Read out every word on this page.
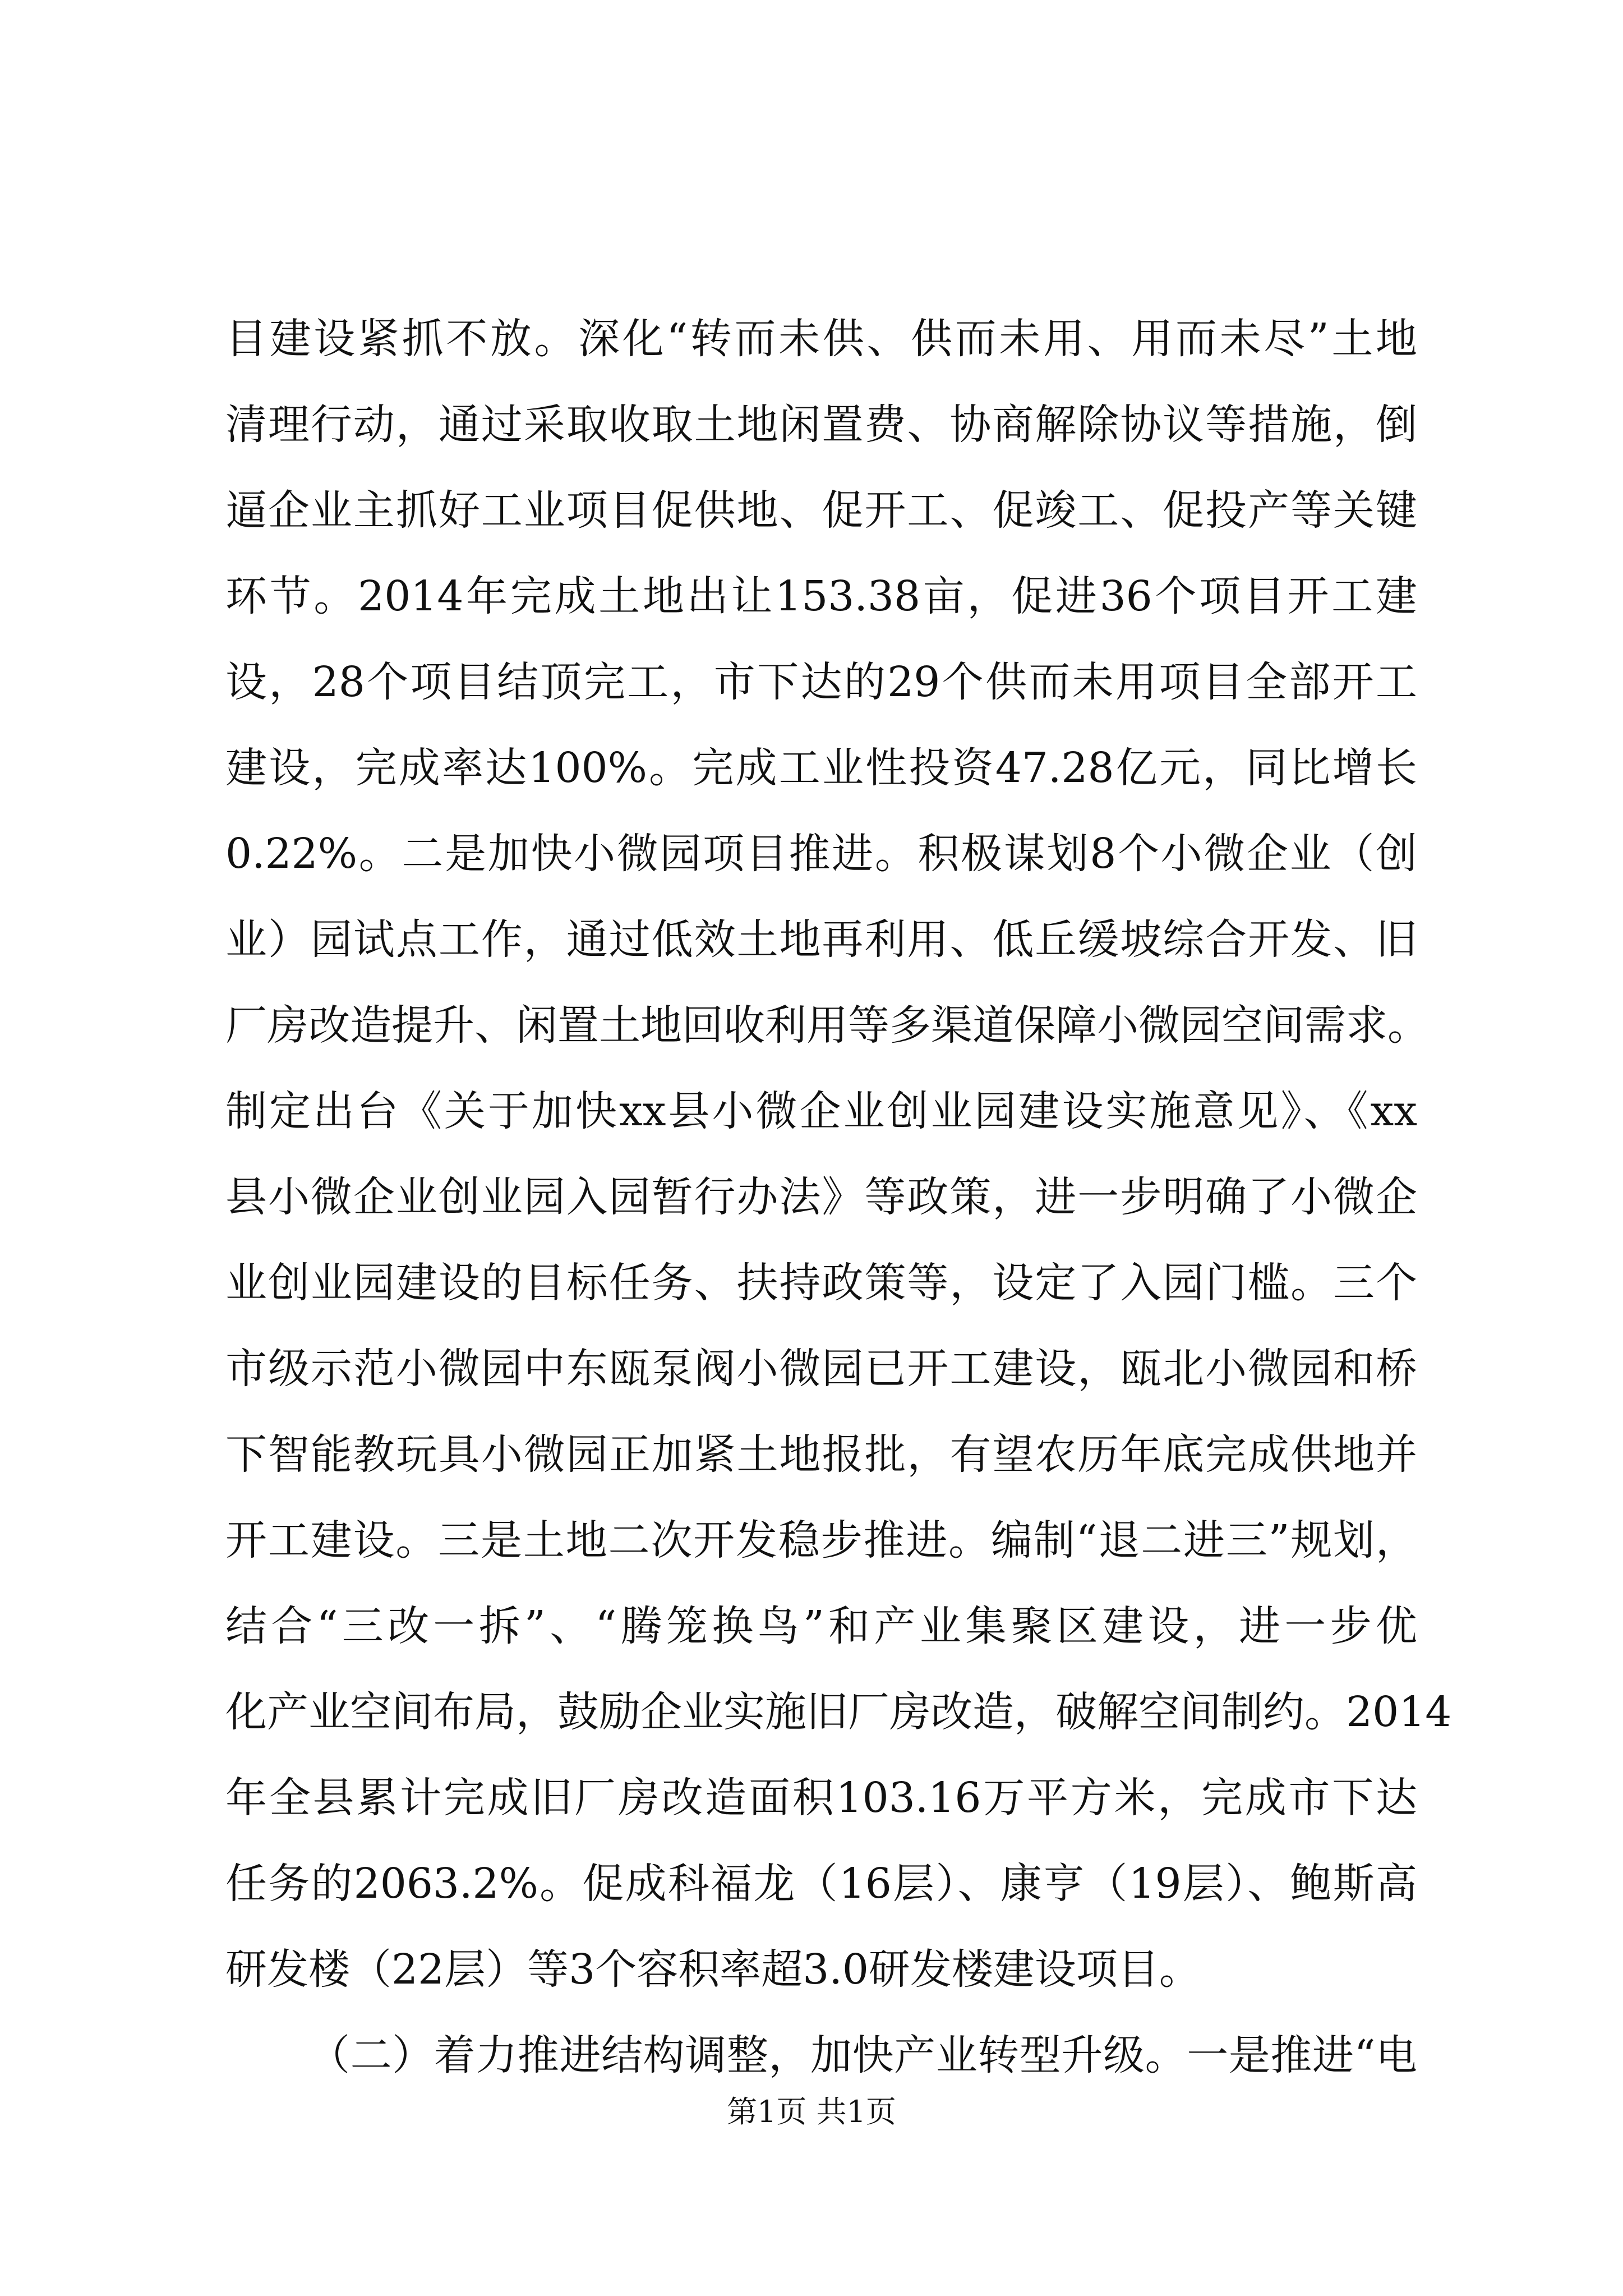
目建设紧抓不放。深化“转而未供、供而未用、用而未尽”土地
清理行动，通过采取收取土地闲置费、协商解除协议等措施，倒
逼企业主抓好工业项目促供地、促开工、促竣工、促投产等关键
环节。2014年完成土地出让153.38亩，促进36个项目开工建
设，28个项目结顶完工，市下达的29个供而未用项目全部开工
建设，完成率达100%。完成工业性投资47.28亿元，同比增长
0.22%。二是加快小微园项目推进。积极谋划8个小微企业（创
业）园试点工作，通过低效土地再利用、低丘缓坡综合开发、旧
厂房改造提升、闲置土地回收利用等多渠道保障小微园空间需求。
制定出台《关于加快xx县小微企业创业园建设实施意见》、《xx
县小微企业创业园入园暂行办法》等政策，进一步明确了小微企
业创业园建设的目标任务、扶持政策等，设定了入园门槛。三个
市级示范小微园中东瓯泵阀小微园已开工建设，瓯北小微园和桥
下智能教玩具小微园正加紧土地报批，有望农历年底完成供地并
开工建设。三是土地二次开发稳步推进。编制“退二进三”规划，
结合“三改一拆”、“腾笼换鸟”和产业集聚区建设，进一步优
化产业空间布局，鼓励企业实施旧厂房改造，破解空间制约。2014
年全县累计完成旧厂房改造面积103.16万平方米，完成市下达
任务的2063.2%。促成科福龙（16层）、康亨（19层）、鲍斯高
研发楼（22层）等3个容积率超3.0研发楼建设项目。
（二）着力推进结构调整，加快产业转型升级。一是推进“电
第1页 共1页
